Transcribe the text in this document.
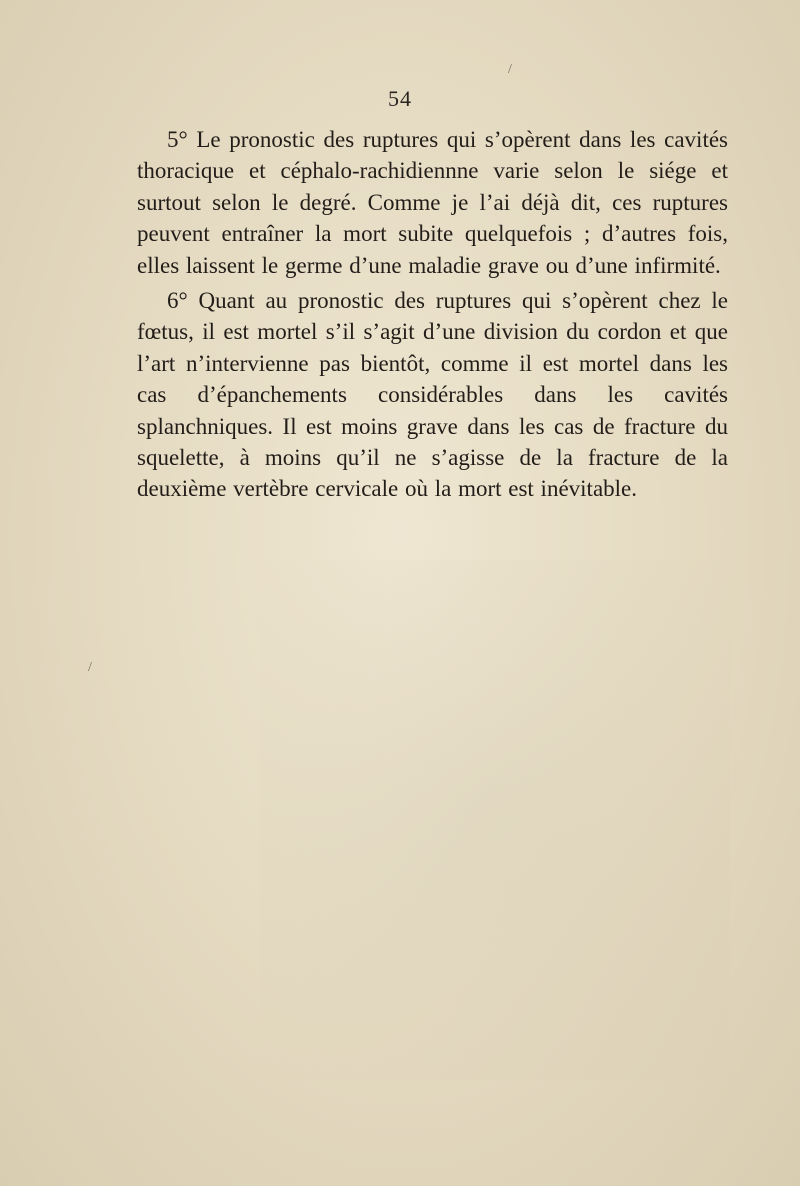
/
/
54

5° Le pronostic des ruptures qui s’opèrent dans les cavités thoracique et céphalo-rachidiennne varie selon le siége et surtout selon le degré. Comme je l’ai déjà dit, ces ruptures peuvent entraîner la mort subite quelquefois ; d’autres fois, elles laissent le germe d’une maladie grave ou d’une infirmité.

6° Quant au pronostic des ruptures qui s’opèrent chez le fœtus, il est mortel s’il s’agit d’une division du cordon et que l’art n’intervienne pas bientôt, comme il est mortel dans les cas d’épanchements considérables dans les cavités splanchniques. Il est moins grave dans les cas de fracture du squelette, à moins qu’il ne s’agisse de la fracture de la deuxième vertèbre cervicale où la mort est inévitable.
